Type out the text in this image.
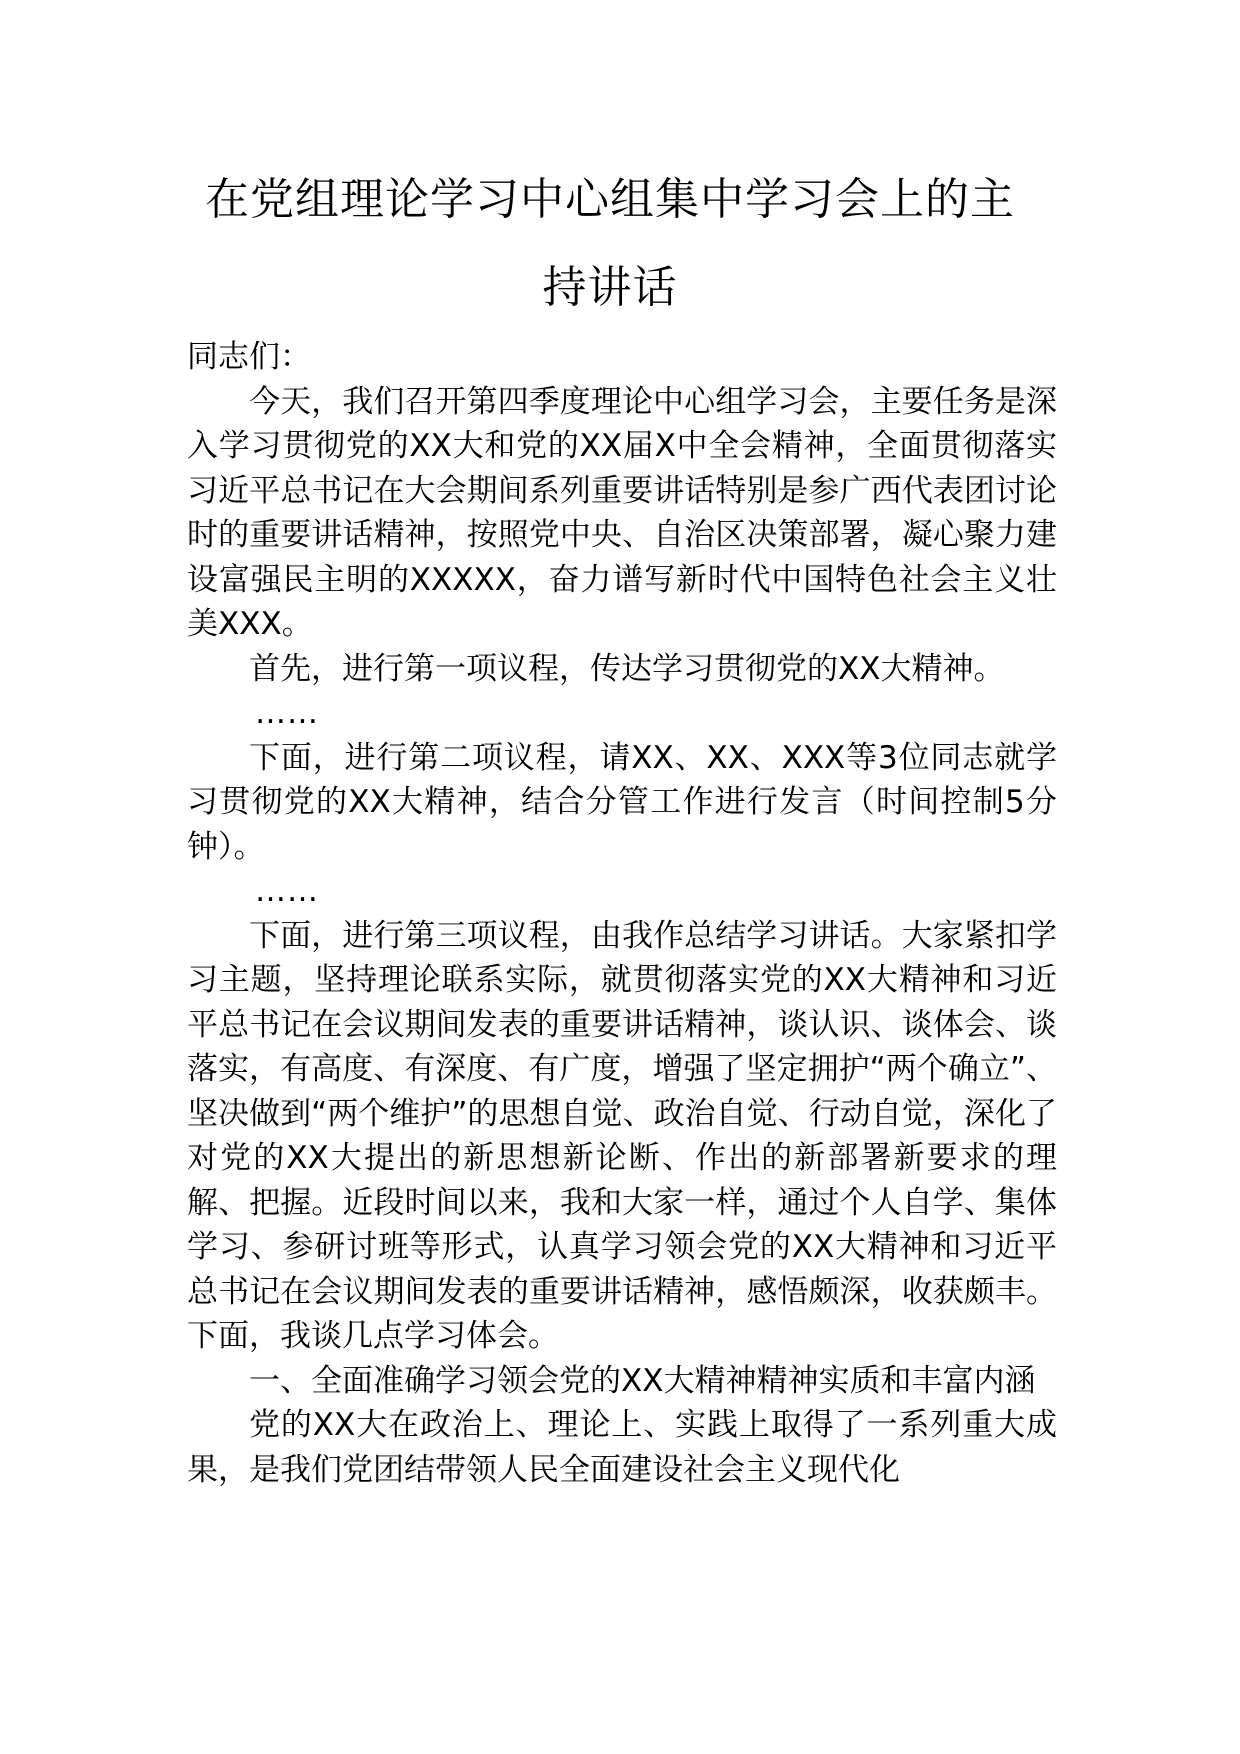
在党组理论学习中心组集中学习会上的主
持讲话

同志们：

今天，我们召开第四季度理论中心组学习会，主要任务是深入学习贯彻党的XX大和党的XX届X中全会精神，全面贯彻落实习近平总书记在大会期间系列重要讲话特别是参广西代表团讨论时的重要讲话精神，按照党中央、自治区决策部署，凝心聚力建设富强民主明的XXXXX，奋力谱写新时代中国特色社会主义壮美XXX。

首先，进行第一项议程，传达学习贯彻党的XX大精神。

……

下面，进行第二项议程，请XX、XX、XXX等3位同志就学习贯彻党的XX大精神，结合分管工作进行发言（时间控制5分钟）。

……

下面，进行第三项议程，由我作总结学习讲话。大家紧扣学习主题，坚持理论联系实际，就贯彻落实党的XX大精神和习近平总书记在会议期间发表的重要讲话精神，谈认识、谈体会、谈落实，有高度、有深度、有广度，增强了坚定拥护“两个确立”、坚决做到“两个维护”的思想自觉、政治自觉、行动自觉，深化了对党的XX大提出的新思想新论断、作出的新部署新要求的理解、把握。近段时间以来，我和大家一样，通过个人自学、集体学习、参研讨班等形式，认真学习领会党的XX大精神和习近平总书记在会议期间发表的重要讲话精神，感悟颇深，收获颇丰。下面，我谈几点学习体会。

一、全面准确学习领会党的XX大精神精神实质和丰富内涵

党的XX大在政治上、理论上、实践上取得了一系列重大成果，是我们党团结带领人民全面建设社会主义现代化
